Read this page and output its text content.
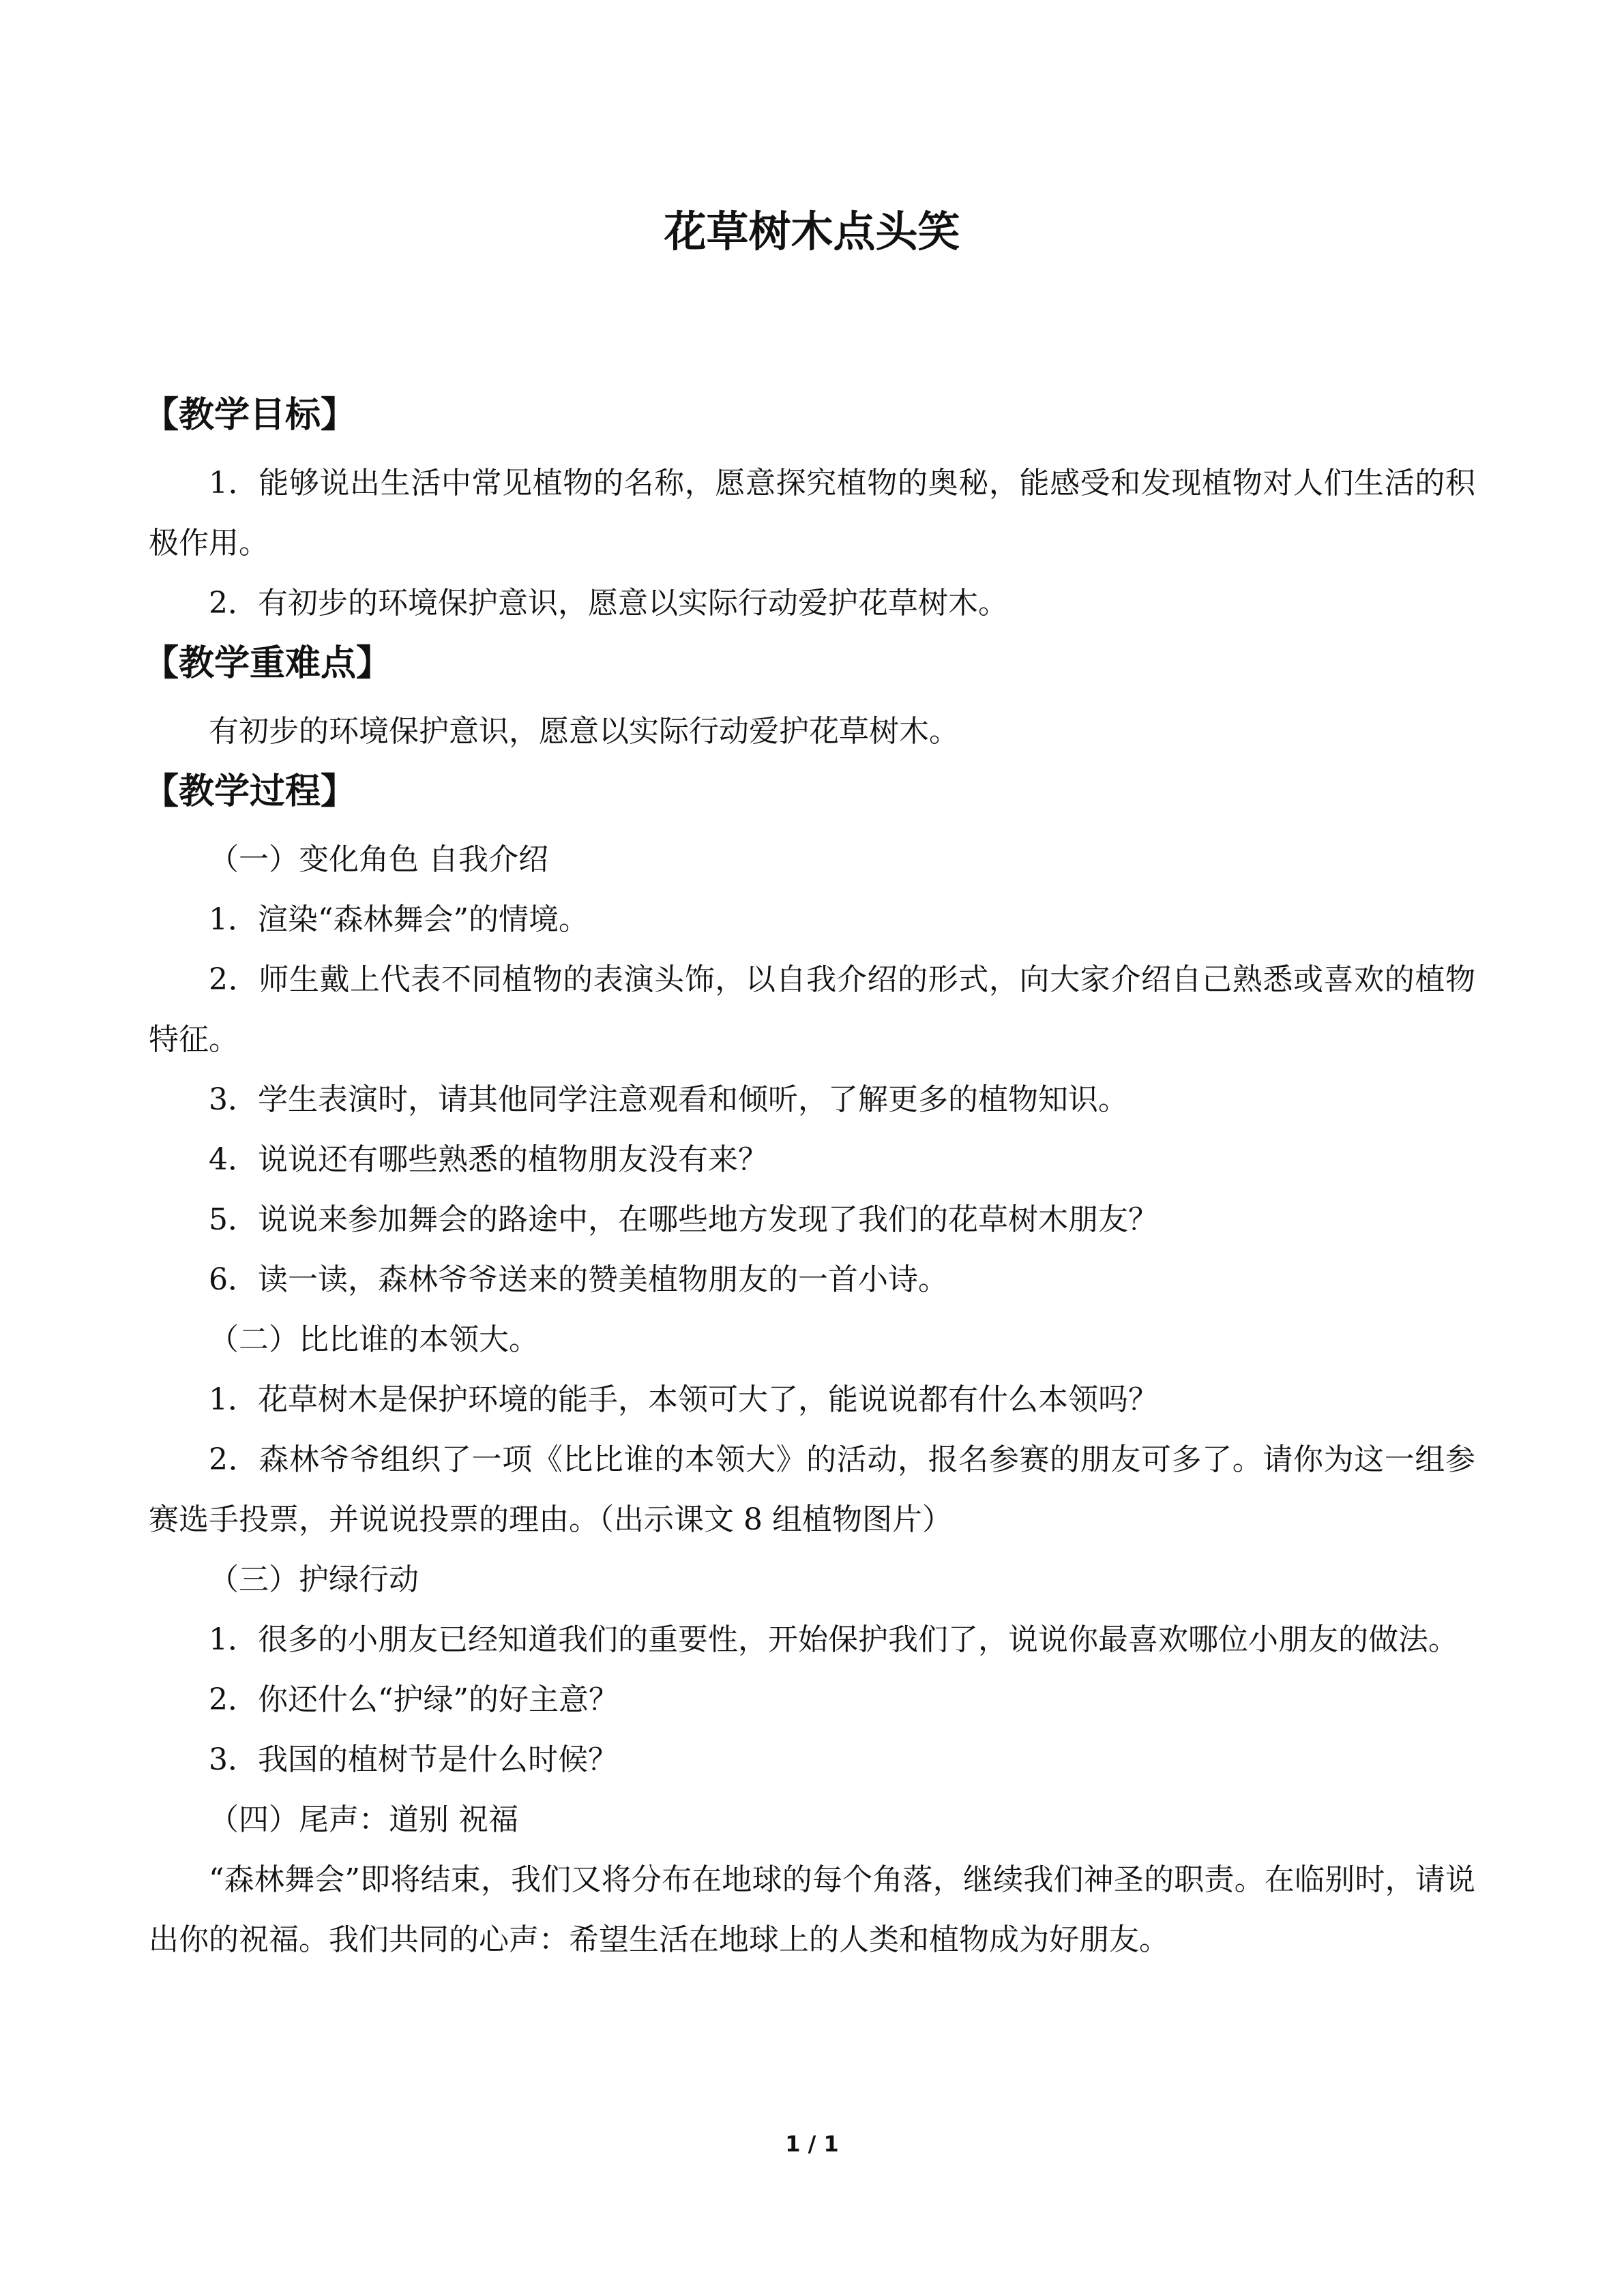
花草树木点头笑
【教学目标】

1．能够说出生活中常见植物的名称，愿意探究植物的奥秘，能感受和发现植物对人们生活的积极作用。

2．有初步的环境保护意识，愿意以实际行动爱护花草树木。

【教学重难点】

有初步的环境保护意识，愿意以实际行动爱护花草树木。

【教学过程】

（一）变化角色 自我介绍

1．渲染“森林舞会”的情境。

2．师生戴上代表不同植物的表演头饰，以自我介绍的形式，向大家介绍自己熟悉或喜欢的植物特征。

3．学生表演时，请其他同学注意观看和倾听，了解更多的植物知识。

4．说说还有哪些熟悉的植物朋友没有来？

5．说说来参加舞会的路途中，在哪些地方发现了我们的花草树木朋友？

6．读一读，森林爷爷送来的赞美植物朋友的一首小诗。

（二）比比谁的本领大。

1．花草树木是保护环境的能手，本领可大了，能说说都有什么本领吗？

2．森林爷爷组织了一项《比比谁的本领大》的活动，报名参赛的朋友可多了。请你为这一组参赛选手投票，并说说投票的理由。（出示课文 8 组植物图片）

（三）护绿行动

1．很多的小朋友已经知道我们的重要性，开始保护我们了，说说你最喜欢哪位小朋友的做法。

2．你还什么“护绿”的好主意？

3．我国的植树节是什么时候？

（四）尾声：道别 祝福

“森林舞会”即将结束，我们又将分布在地球的每个角落，继续我们神圣的职责。在临别时，请说出你的祝福。我们共同的心声：希望生活在地球上的人类和植物成为好朋友。

1 / 1
